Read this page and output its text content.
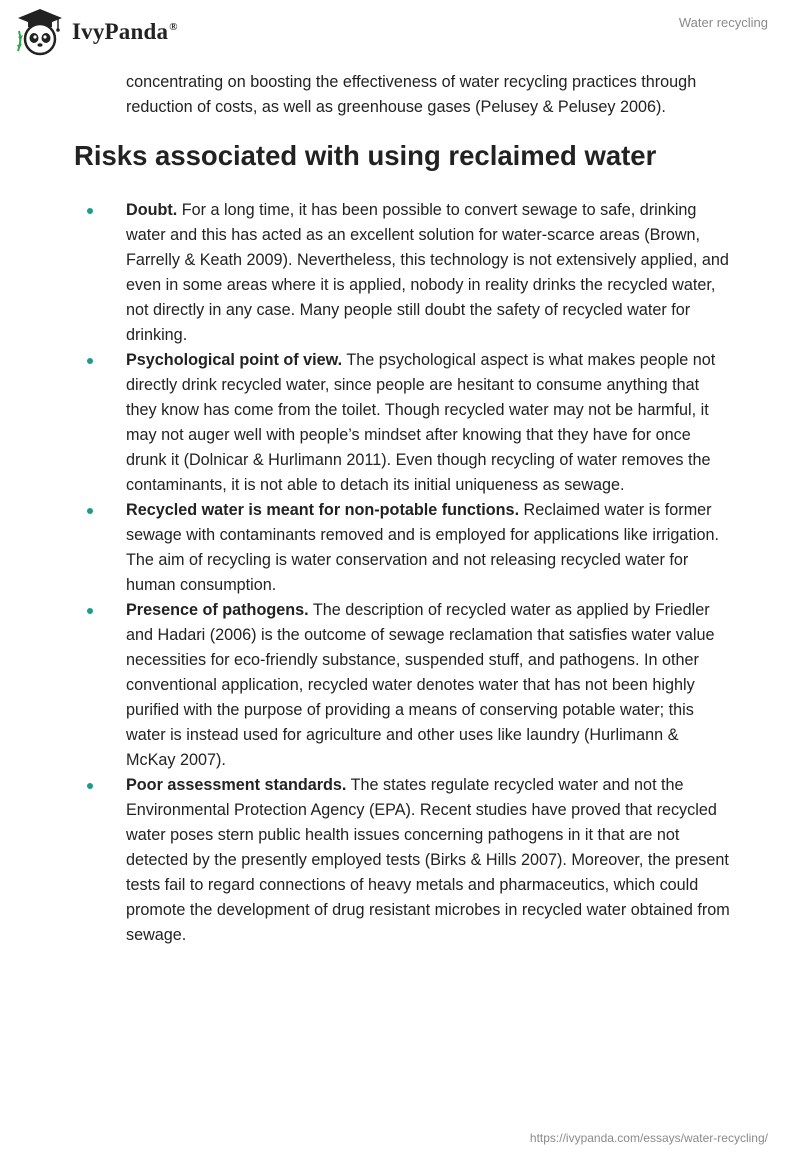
IvyPanda®	Water recycling

concentrating on boosting the effectiveness of water recycling practices through reduction of costs, as well as greenhouse gases (Pelusey & Pelusey 2006).

Risks associated with using reclaimed water
Doubt. For a long time, it has been possible to convert sewage to safe, drinking water and this has acted as an excellent solution for water-scarce areas (Brown, Farrelly & Keath 2009). Nevertheless, this technology is not extensively applied, and even in some areas where it is applied, nobody in reality drinks the recycled water, not directly in any case. Many people still doubt the safety of recycled water for drinking.
Psychological point of view. The psychological aspect is what makes people not directly drink recycled water, since people are hesitant to consume anything that they know has come from the toilet. Though recycled water may not be harmful, it may not auger well with people’s mindset after knowing that they have for once drunk it (Dolnicar & Hurlimann 2011). Even though recycling of water removes the contaminants, it is not able to detach its initial uniqueness as sewage.
Recycled water is meant for non-potable functions. Reclaimed water is former sewage with contaminants removed and is employed for applications like irrigation. The aim of recycling is water conservation and not releasing recycled water for human consumption.
Presence of pathogens. The description of recycled water as applied by Friedler and Hadari (2006) is the outcome of sewage reclamation that satisfies water value necessities for eco-friendly substance, suspended stuff, and pathogens. In other conventional application, recycled water denotes water that has not been highly purified with the purpose of providing a means of conserving potable water; this water is instead used for agriculture and other uses like laundry (Hurlimann & McKay 2007).
Poor assessment standards. The states regulate recycled water and not the Environmental Protection Agency (EPA). Recent studies have proved that recycled water poses stern public health issues concerning pathogens in it that are not detected by the presently employed tests (Birks & Hills 2007). Moreover, the present tests fail to regard connections of heavy metals and pharmaceutics, which could promote the development of drug resistant microbes in recycled water obtained from sewage.
https://ivypanda.com/essays/water-recycling/
